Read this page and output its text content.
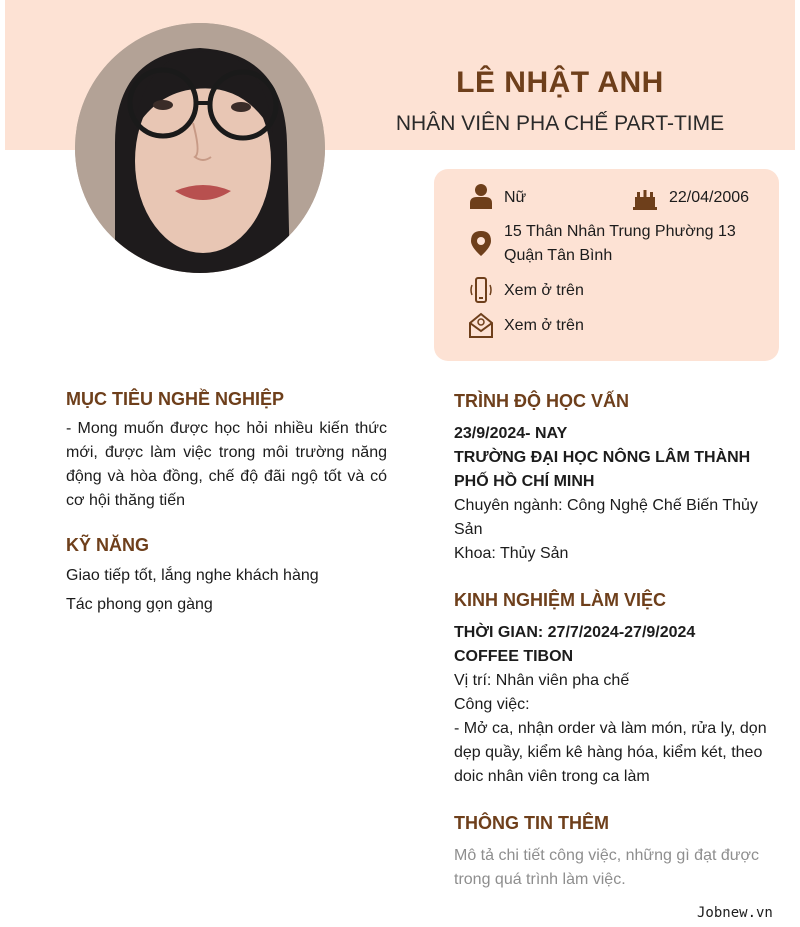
LÊ NHẬT ANH
NHÂN VIÊN PHA CHẾ PART-TIME
Nữ	22/04/2006
15 Thân Nhân Trung Phường 13
Quận Tân Bình
Xem ở trên
Xem ở trên
MỤC TIÊU NGHỀ NGHIỆP
- Mong muốn được học hỏi nhiều kiến thức mới, được làm việc trong môi trường năng động và hòa đồng, chế độ đãi ngộ tốt và có cơ hội thăng tiến
KỸ NĂNG
Giao tiếp tốt, lắng nghe khách hàng
Tác phong gọn gàng
TRÌNH ĐỘ HỌC VẤN
23/9/2024- NAY
TRƯỜNG ĐẠI HỌC NÔNG LÂM THÀNH PHỐ HỒ CHÍ MINH
Chuyên ngành: Công Nghệ Chế Biến Thủy Sản
Khoa: Thủy Sản
KINH NGHIỆM LÀM VIỆC
THỜI GIAN: 27/7/2024-27/9/2024
COFFEE TIBON
Vị trí: Nhân viên pha chế
Công việc:
- Mở ca, nhận order và làm món, rửa ly, dọn dẹp quầy, kiểm kê hàng hóa, kiểm két, theo doic nhân viên trong ca làm
THÔNG TIN THÊM
Mô tả chi tiết công việc, những gì đạt được trong quá trình làm việc.
Jobnew.vn
